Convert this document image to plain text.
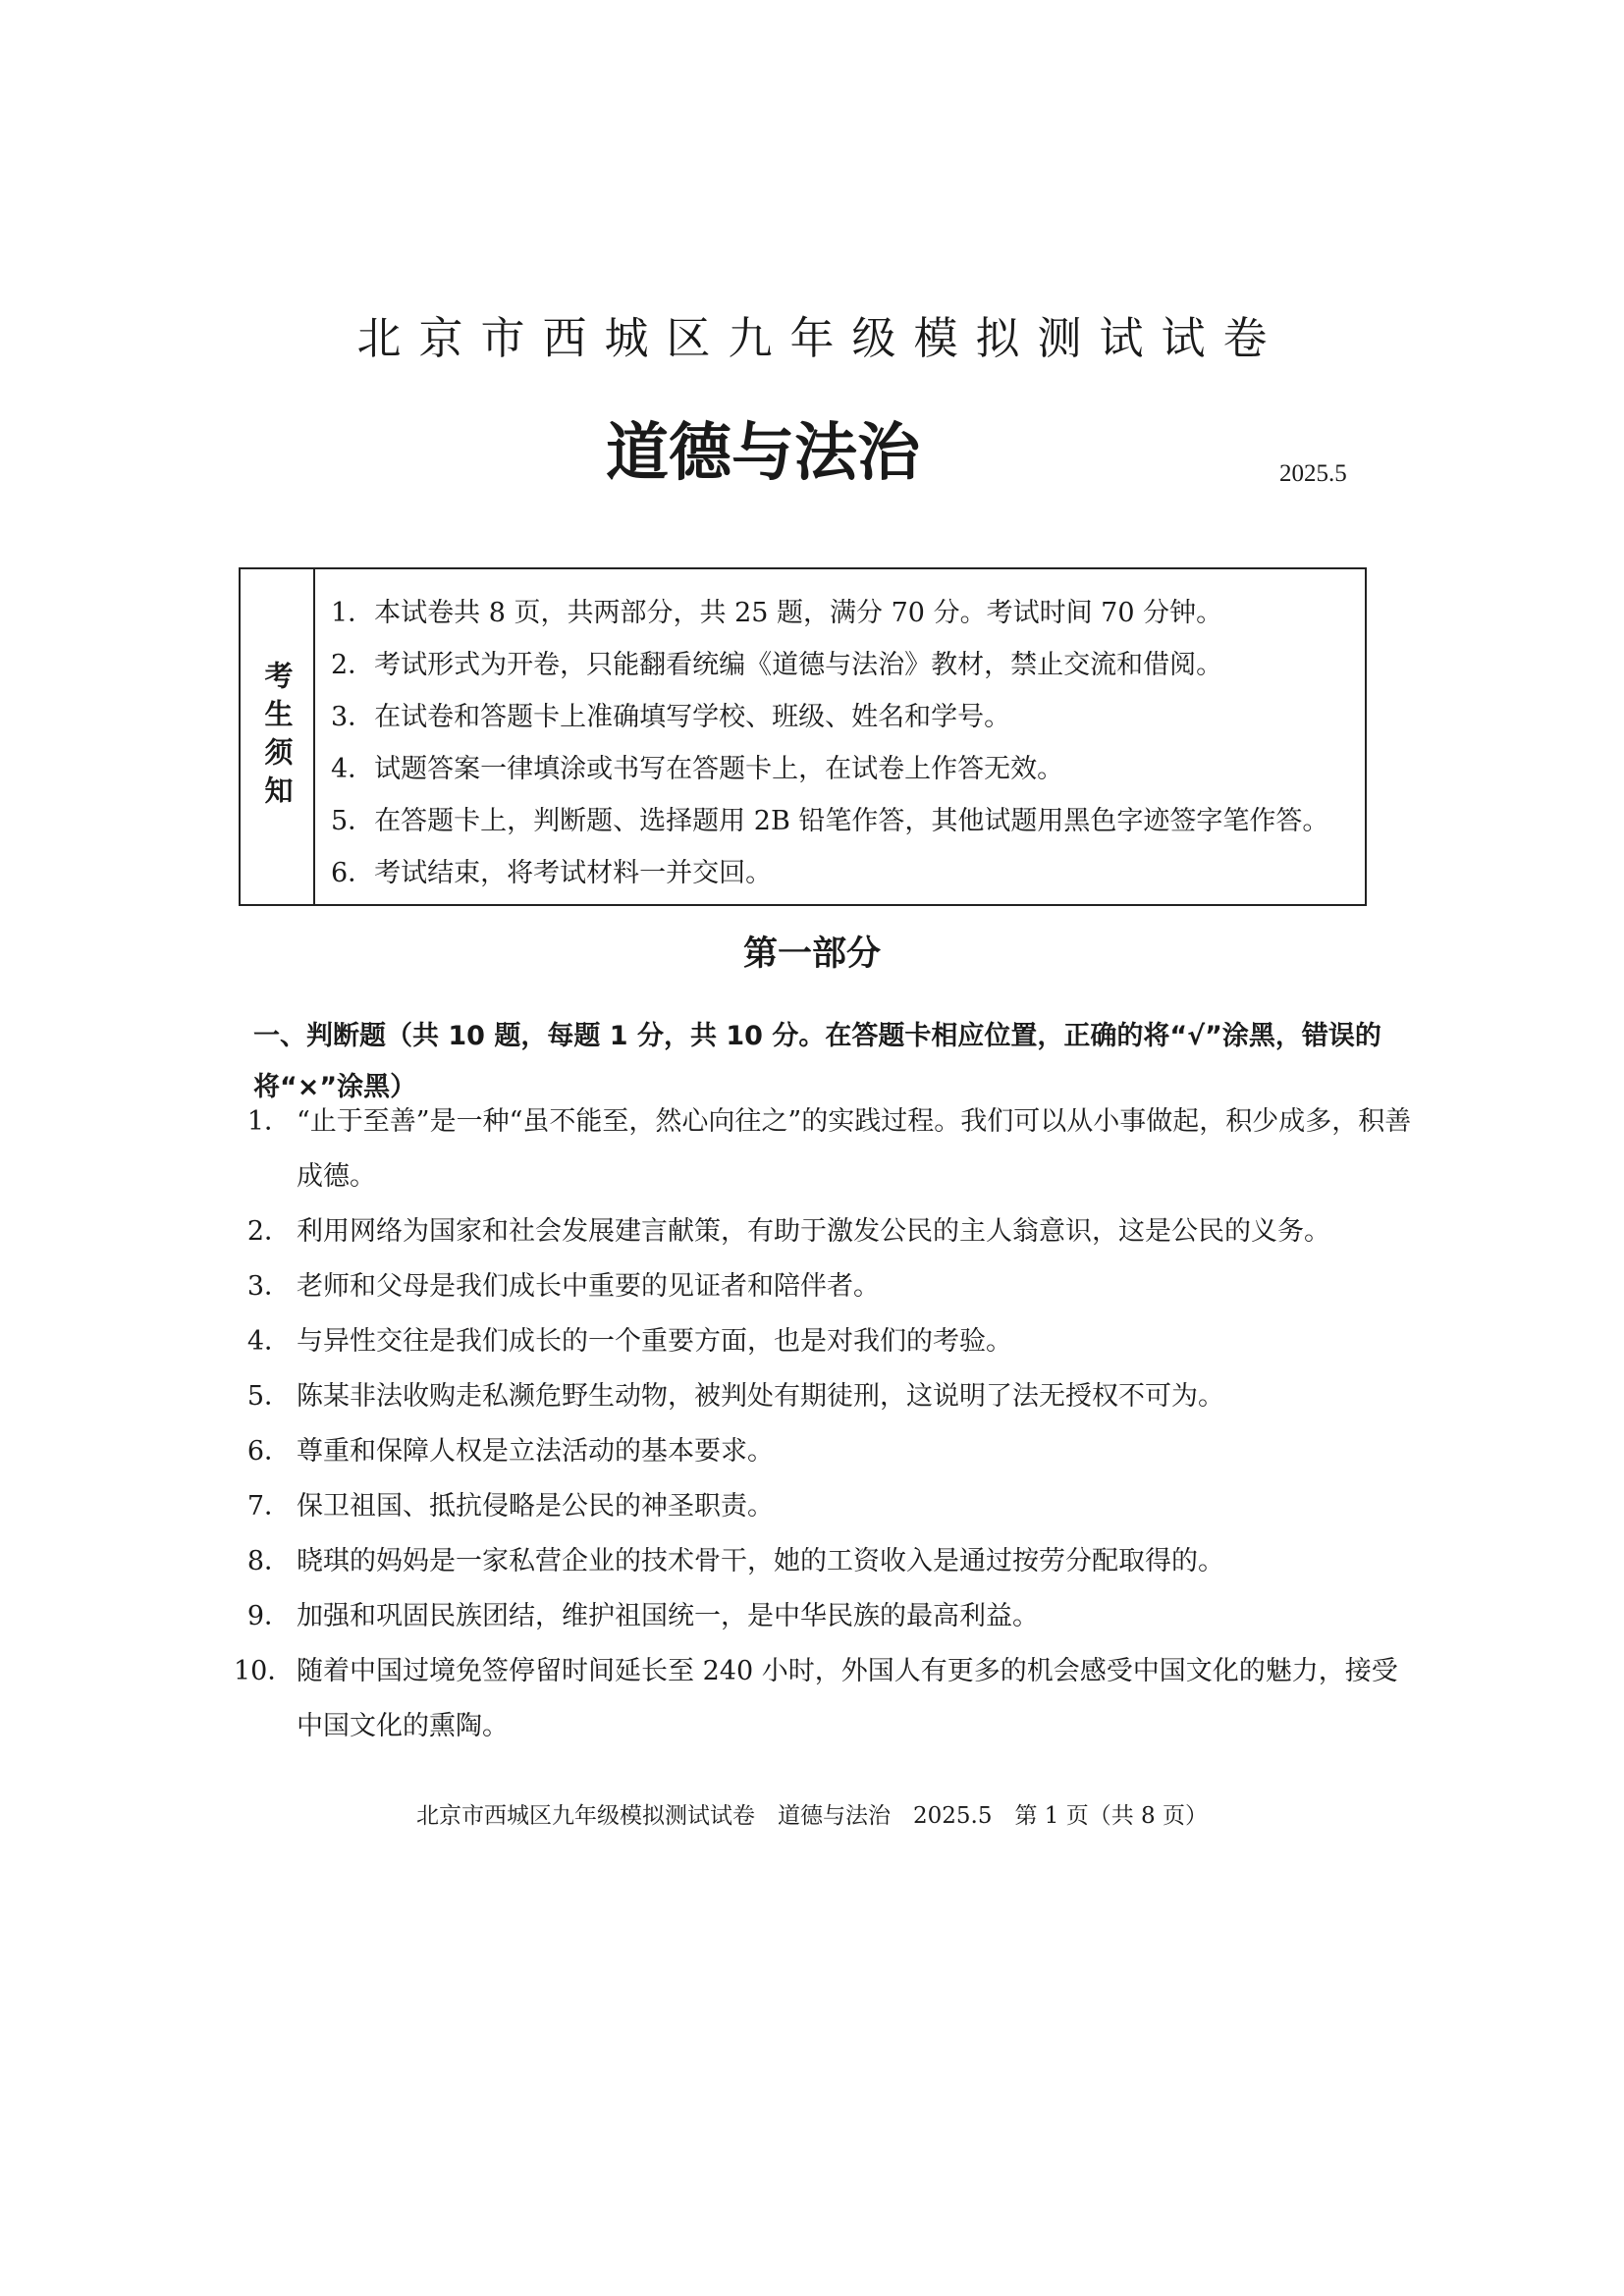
北京市西城区九年级模拟测试试卷
道德与法治	2025.5
考生须知
1．本试卷共 8 页，共两部分，共 25 题，满分 70 分。考试时间 70 分钟。
2．考试形式为开卷，只能翻看统编《道德与法治》教材，禁止交流和借阅。
3．在试卷和答题卡上准确填写学校、班级、姓名和学号。
4．试题答案一律填涂或书写在答题卡上，在试卷上作答无效。
5．在答题卡上，判断题、选择题用 2B 铅笔作答，其他试题用黑色字迹签字笔作答。
6．考试结束，将考试材料一并交回。
第一部分
一、判断题（共 10 题，每题 1 分，共 10 分。在答题卡相应位置，正确的将“√”涂黑，错误的将“×”涂黑）
1． “止于至善”是一种“虽不能至，然心向往之”的实践过程。我们可以从小事做起，积少成多，积善成德。
2． 利用网络为国家和社会发展建言献策，有助于激发公民的主人翁意识，这是公民的义务。
3． 老师和父母是我们成长中重要的见证者和陪伴者。
4． 与异性交往是我们成长的一个重要方面，也是对我们的考验。
5． 陈某非法收购走私濒危野生动物，被判处有期徒刑，这说明了法无授权不可为。
6． 尊重和保障人权是立法活动的基本要求。
7． 保卫祖国、抵抗侵略是公民的神圣职责。
8． 晓琪的妈妈是一家私营企业的技术骨干，她的工资收入是通过按劳分配取得的。
9． 加强和巩固民族团结，维护祖国统一，是中华民族的最高利益。
10． 随着中国过境免签停留时间延长至 240 小时，外国人有更多的机会感受中国文化的魅力，接受中国文化的熏陶。
北京市西城区九年级模拟测试试卷　道德与法治　2025.5　第 1 页（共 8 页）
